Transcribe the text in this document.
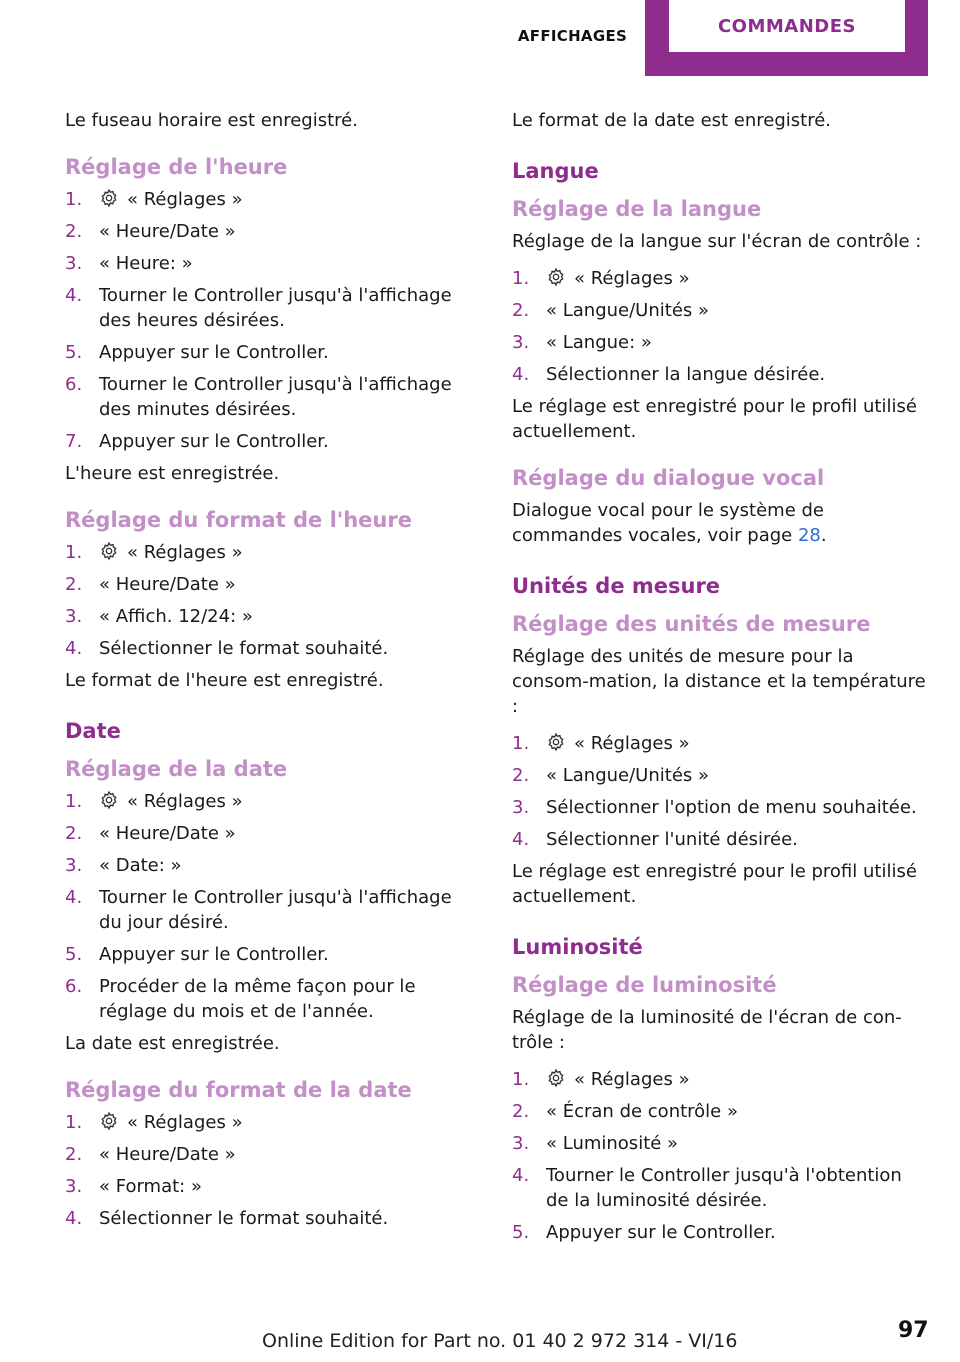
AFFICHAGES	COMMANDES

Le fuseau horaire est enregistré.

Réglage de l'heure
1. « Réglages »
2. « Heure/Date »
3. « Heure: »
4. Tourner le Controller jusqu'à l'affichage des heures désirées.
5. Appuyer sur le Controller.
6. Tourner le Controller jusqu'à l'affichage des minutes désirées.
7. Appuyer sur le Controller.

L'heure est enregistrée.

Réglage du format de l'heure
1. « Réglages »
2. « Heure/Date »
3. « Affich. 12/24: »
4. Sélectionner le format souhaité.

Le format de l'heure est enregistré.

Date
Réglage de la date
1. « Réglages »
2. « Heure/Date »
3. « Date: »
4. Tourner le Controller jusqu'à l'affichage du jour désiré.
5. Appuyer sur le Controller.
6. Procéder de la même façon pour le réglage du mois et de l'année.

La date est enregistrée.

Réglage du format de la date
1. « Réglages »
2. « Heure/Date »
3. « Format: »
4. Sélectionner le format souhaité.

Le format de la date est enregistré.

Langue
Réglage de la langue

Réglage de la langue sur l'écran de contrôle :

1. « Réglages »
2. « Langue/Unités »
3. « Langue: »
4. Sélectionner la langue désirée.

Le réglage est enregistré pour le profil utilisé actuellement.

Réglage du dialogue vocal

Dialogue vocal pour le système de commandes vocales, voir page 28.

Unités de mesure
Réglage des unités de mesure

Réglage des unités de mesure pour la consom‐mation, la distance et la température :

1. « Réglages »
2. « Langue/Unités »
3. Sélectionner l'option de menu souhaitée.
4. Sélectionner l'unité désirée.

Le réglage est enregistré pour le profil utilisé actuellement.

Luminosité
Réglage de luminosité

Réglage de la luminosité de l'écran de con‐trôle :

1. « Réglages »
2. « Écran de contrôle »
3. « Luminosité »
4. Tourner le Controller jusqu'à l'obtention de la luminosité désirée.
5. Appuyer sur le Controller.
Online Edition for Part no. 01 40 2 972 314 - VI/16	97
